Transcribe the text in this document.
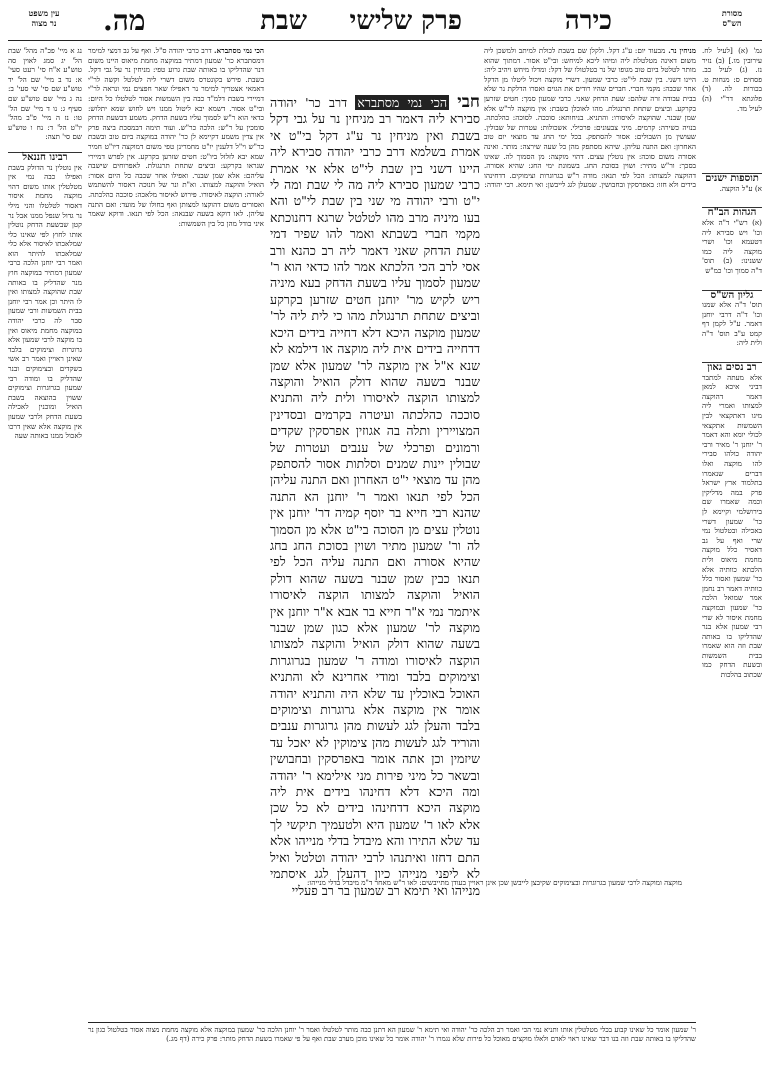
מסורת
הש"ס
כירה
פרק שלישי
שבת
מה.
עין משפט
נר מצוה

גמ' (א) [לעיל לח. עירובין מו.] (ב) נזיר נז. (ג) לעיל כב. פסחים ס: מנחות ט. בכורות לה. (ד) פלוגתא דר"י (ה) לעיל מד.

תוספות ישנים

א) ע"ל הוקצה.

הגהות הב"ח

(א) רש"י ד"ה אלא וכו' ויש סבירא ליה דטעמא וכו' ושרי מוקצה ליה כמו ששנינו: (ב) תוס' ד"ה סמוך וכו' כמ"ש

גליון הש"ס

תוס' ד"ה אלא שמנו וכו' ד"ה דרבי יוחנן דאמר. ע"ל לקמן דף קמט ע"ב תוס' ד"ה ולית ליה:

רב נסים גאון

אלא מעתה למתבר דביני איכא למאן דאמר דהוקצה למצותו ואמרי ליה מיגו דאתקצאי לבין השמשות אתקצאי לכולי יומא והא דאמר ר' יוחנן ר' מאיר ורבי יהודה כולהו סבירי להו מוקצה ואלו דברים שנאמרו בתלמוד ארץ ישראל פרק במה מדליקין וכמה שאמרו שם בירושלמי וקיימא לן כר' שמעון דשרי באכילה ובטלטול נמי שרי ואף על גב דאסיר כלל מוקצה מחמת מיאוס ולית הלכתא כוותיה אלא כר' שמעון ואסור כלל כוותיה דאמר רב נחמן אמר שמואל הלכה כר' שמעון ובמוקצה מחמת איסור לא שרי רבי שמעון אלא בנר שהדליקו בו באותה שבת וזה הוא שאמרו בבית השמשות ובשעת הדחק כמו שכתוב בהלכות

נג א מיי' פכ"ה מהל' שבת הל' יג סמג לאוין סה טוש"ע א"ח סי' רעט סעי' א: נד ב מיי' שם הל' יד טוש"ע שם סי' שי סעי' ב: נה ג מיי' שם טוש"ע שם סעיף ג: נו ד מיי' שם הל' טו: נז ה מיי' פ"ב מהל' יו"ט הל' ד: נח ו טוש"ע שם סי' תצה:

רבינו חננאל

אין נוטלין נר הדולק בשבת ואפילו כבה נמי אין מטלטלין אותו משום דהוי מוקצה מחמת איסור דאסור לטלטלו והני מילי נר גדול שנפל ממנו אבל נר קטן שבשעת הדחק נוטלין אותו לחוץ לפי שאינו כלי שמלאכתו לאיסור אלא כלי שמלאכתו להיתר הוא ואמר רבי יוחנן הלכה כרבי שמעון דמתיר במוקצה חוץ מנר שהדליק בו באותה שבת שהוקצה למצותו ואין לו היתר וכן אמר רבי יוחנן בבית השמשות ורבי שמעון סבר לה כרבי יהודה במוקצה מחמת מיאוס ואין בו מוקצה לרבי שמעון אלא גרוגרות וצימוקים בלבד שאינן ראויין ואמר רב אשי בשקדים ובצימוקים ובנר שהדליק בו ומודה רבי שמעון בגרוגרות וצימוקים ששוין בהוצאה בשבת הואיל ומוכנין לאכילה בשעת הדחק ולרבי שמעון אין מוקצה אלא שאין דרכו לאכול ממנו באותה שעה

מניחין נר. מבעוד יום: ע"ג דקל. ולקלן שם בשבת לכולת למיתב ולמשכן ליה משום דאינה מטלטלת ליה ומיהו ליכא למיחש: ובי"ט אסור. דמתוך שהוא מותר לטלטל ביום טוב מגופו של נר בטלטולו של דקל: ומדלו מיחש ויהיב ליה: היינו דשני. בין שבת לי"ט: כרבי שמעון. דשרי מוקצה ויכול ליטלו מן הדקל אחר שכבה: מקמי חברי. חברים שהיו רודים את הגוים ואסרו הדלקת נר שלא בבית עבודה זרה שלהם: שעת הדחק שאני. כרבי שמעון סמך: חטים שזרען בקרקע. וביצים שתחת תרנגולת. מהו לאוכלן בשבת: אין מוקצה לר"ש אלא שמן שבנר. שהוקצה לאיסורו: והתניא. בניחותא: סוככה. לסוכה: כהלכתה. בנויה כשירה: קרמים. מיני צבעונים: פרכילי. אשכולות: עטרות של שבולין. שעושין מן השבולים: אסור להסתפק. בכל ימי החג עד מוצאי יום טוב האחרון: ואם התנה עליהן. שיהא מסתפק מהן כל שעה שירצה: מותר. ואינה אסורה משום סוכה: אין נוטלין עצים. דהוי מוקצה: מן הסמוך לה. שאינו בסכך: ור"ש מתיר: ושוין בסוכת החג. בשמונת ימי החג: שהיא אסורה. דהוקצה למצותו: הכל לפי תנאו: מודה ר"ש בגרוגרות וצימוקים. דדחינהו בידים ולא חזו: באפרסקין ובחבושין. שמעלן לגג לייבשן: ואי תימא. רבי יהודה:

הכי נמי מסתברא. דרב כרבי יהודה ס"ל. ואף על גב דמצי למימר דמסתברא כר' שמעון דמתיר במוקצה מחמת מיאוס היינו משום דנר שהדליקו בו באותה שבת גרוע טפי: מניחין נר על גבי דקל. בשבת. פירש בקונטרס משום דשרי ליה לטלטל וקשה לר"י דאמאי אצטריך למימר נר דאפילו שאר חפצים נמי ונראה לר"י דמיירי בשבת דלמ"ד כבה בין השמשות אסור לטלטלו כל היום: ובי"ט אסור. דשמא יבא ליטול ממנו ויש לחוש שמא יתלוש: כדאי הוא ר"ש לסמוך עליו בשעת הדחק. משמע דבשעת הדחק סומכין על ר"ש: הלכה כר"ש. ועוד תימה דבמסכת ביצה פרק אין צדין משמע דקיימא לן כר' יהודה במוקצה ביום טוב ובשבת כר"ש וי"ל דלענין יו"ט מחמרינן טפי משום דמוקצה דיו"ט חמיר שמא יבא לזלזל ביו"ט: חטים שזרען בקרקע. אין לפרש דמיירי שנראו בקרקע: וביצים שתחת תרנגולת. לאפרוחים שישבה עליהם: אלא שמן שבנר. ואפילו אחר שכבה כל היום אסור: הואיל והוקצה למצותו. וא"ת ונר של חנוכה דאסור להשתמש לאורה: הוקצה לאיסורו. פירוש לאיסור מלאכה: סוככה כהלכתה. ואסורים משום דהוקצו למצותן ואף בחולו של מועד: ואם התנה עליהן. לאו דוקא בשעה שבנאה: הכל לפי תנאו. ודוקא שאמר איני בודל מהן כל בין השמשות:

חבי הכי נמי מסתברא דרב כר' יהודה סבירא ליה דאמר רב מניחין נר על גבי דקל בשבת ואין מניחין נר ע"ג דקל בי"ט אי אמרת בשלמא דרב כרבי יהודה סבירא ליה היינו דשני בין שבת לי"ט אלא אי אמרת כרבי שמעון סבירא ליה מה לי שבת ומה לי י"ט ורבי יהודה מי שני בין שבת לי"ט והא בעו מיניה מרב מהו לטלטל שרגא דחנוכתא מקמי חברי בשבתא ואמר להו שפיר דמי שעת הדחק שאני דאמר ליה רב כהנא ורב אסי לרב הכי הלכתא אמר להו כדאי הוא ר' שמעון לסמוך עליו בשעת הדחק בעא מיניה ריש לקיש מר' יוחנן חטים שזרען בקרקע וביצים שתחת תרנגולת מהו כי לית ליה לר' שמעון מוקצה היכא דלא דחייה בידים היכא דדחייה בידים אית ליה מוקצה או דילמא לא שנא א"ל אין מוקצה לר' שמעון אלא שמן שבנר בשעה שהוא דולק הואיל והוקצה למצותו הוקצה לאיסורו ולית ליה והתניא סוככה כהלכתה ועיטרה בקרמים ובסדינין המצויירין ותלה בה אגוזין אפרסקין שקדים ורמונים ופרכלי של ענבים ועטרות של שבולין יינות שמנים וסלתות אסור להסתפק מהן עד מוצאי י"ט האחרון ואם התנה עליהן הכל לפי תנאו ואמר ר' יוחנן הא התנה שהנא רבי חייא בר יוסף קמיה דר' יוחנן אין נוטלין עצים מן הסוכה בי"ט אלא מן הסמוך לה ור' שמעון מתיר ושוין בסוכת החג בחג שהיא אסורה ואם התנה עליה הכל לפי תנאו כבין שמן שבנר בשעה שהוא דולק הואיל והוקצה למצותו הוקצה לאיסורו איתמר נמי א"ר חייא בר אבא א"ר יוחנן אין מוקצה לר' שמעון אלא כגון שמן שבנר בשעה שהוא דולק הואיל והוקצה למצותו הוקצה לאיסורו ומודה ר' שמעון בגרוגרות וצימוקים בלבד ומודי אחרינא לא והתניא האוכל באוכלין עד שלא היה והתניא יהודה אומר אין מוקצה אלא גרוגרות וצימוקים בלבד והעלן לגג לעשות מהן גרוגרות ענבים והוריד לגג לעשות מהן צימוקין לא יאכל עד שיזמין וכן אתה אומר באפרסקין ובחבושין ובשאר כל מיני פירות מני אילימא ר' יהודה ומה היכא דלא דחינהו בידים אית ליה מוקצה היכא דדחינהו בידים לא כל שכן אלא לאו ר' שמעון היא ולטעמיך תיקשי לך עד שלא התירו והא מיבדל בדלי מנייהו אלא התם דחזו ואיתנהו לרבי יהודה וטלטל ואיל לא ליפני מנייהו כיון דהעלן לגג איסתמי מנייהו ואי תימא רב שמעון בר רב פעליי

מוקצה ומוקצה לרבי שמעון בגרוגרות ובצימוקים שקיבצן לייבשן שכן אינן ראויין בעודן מתייבשים: לאו ר"ש מאחר ד"מ מיבדל בדלי מנייהו:

ר' שמעון אומר כל שאינו קבוע בכלי מטלטלין אותו ותניא נמי הכי ואמר רב הלכה כר' יהודה ואי תימא ר' שמעון הא דתנן כבה מותר לטלטלו ואמר ר' יוחנן הלכה כר' שמעון במוקצה אלא מוקצה מחמת מצוה אסור בטלטול כגון נר שהדליקו בו באותה שבת וזה בנו דבר שאינו ראוי לאדם ולאלו מוקצים מאוכל כל פירות שלא נגמרו ר' יהודה אומר כל שאינו מוכן מערב שבת ואף על פי שאמרו בשעת הדחק מותר: פרק כירה (דף מג.)
